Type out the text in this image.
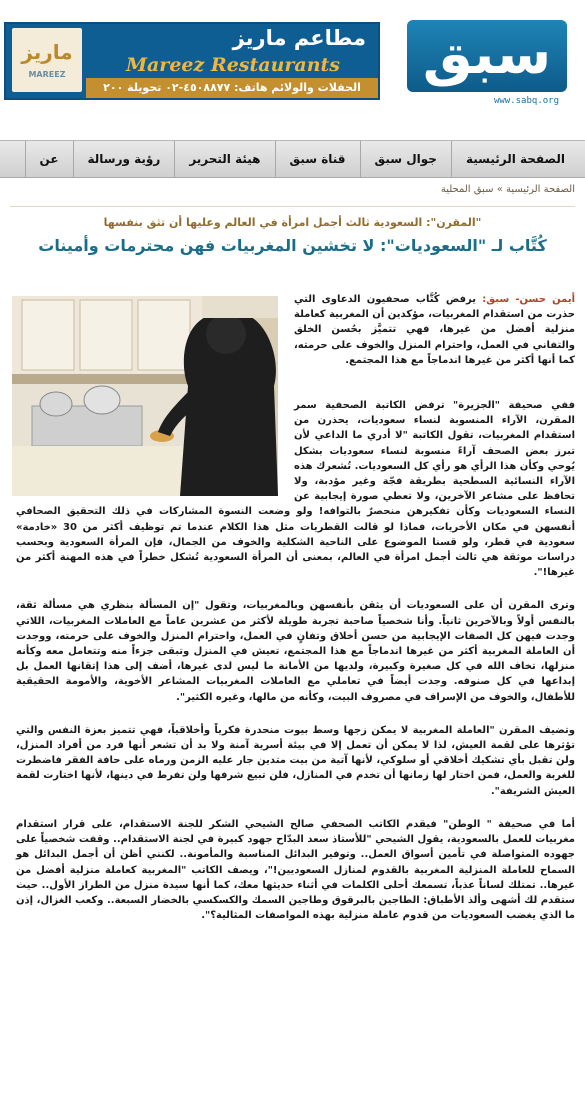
سبق
www.sabq.org
ماريز
MAREEZ
مطاعم ماريز
Mareez Restaurants
الحفلات والولائم هاتف: ٤٥٠٨٨٧٧-٠٢ تحويلة ٢٠٠
الصفحة الرئيسية
جوال سبق
قناة سبق
هيئة التحرير
رؤية ورسالة
عن
الصفحة الرئيسية » سبق المحلية
"المقرن": السعودية ثالث أجمل امرأة في العالم وعليها أن تثق بنفسها
كُتَّاب لـ "السعوديات": لا تخشين المغربيات فهن محترمات وأمينات

أيمن حسن- سبق: يرفض كُتَّاب صحفيون الدعاوى التي حذرت من استقدام المغربيات، مؤكدين أن المغربية كعاملة منزلية أفضل من غيرها، فهي تتميَّز بحُسن الخلق والتفاني في العمل، واحترام المنزل والخوف على حرمته، كما أنها أكثر من غيرها اندماجاً مع هذا المجتمع.

ففي صحيفة "الجزيرة" ترفض الكاتبة الصحفية سمر المقرن، الآراء المنسوبة لنساء سعوديات، يحذرن من استقدام المغربيات، تقول الكاتبة "لا أدري ما الداعي لأن تبرز بعض الصحف آراءً منسوبة لنساء سعوديات بشكل يُوحي وكأن هذا الرأي هو رأي كل السعوديات. تُشعرك هذه الآراء النسائية السطحية بطريقة فجّة وغير مؤدبة، ولا تحافظ على مشاعر الآخرين، ولا تعطي صورة إيجابية عن النساء السعوديات وكأن تفكيرهن منحصرٌ بالتوافه! ولو وضعت النسوة المشاركات في ذلك التحقيق الصحافي أنفسهن في مكان الأخريات، فماذا لو قالت القطريات مثل هذا الكلام عندما تم توظيف أكثر من 30 «خادمة» سعودية في قطر، ولو قسنا الموضوع على الناحية الشكلية والخوف من الجمال، فإن المرأة السعودية وبحسب دراسات موثقة هي ثالث أجمل امرأة في العالم، بمعنى أن المرأة السعودية تُشكل خطراً في هذه المهنة أكثر من غيرها!".

وترى المقرن أن على السعوديات أن يثقن بأنفسهن وبالمغربيات، وتقول "إن المسألة بنظري هي مسألة ثقة، بالنفس أولاً وبالآخرين ثانياً. وأنا شخصياً صاحبة تجربة طويلة لأكثر من عشرين عاماً مع العاملات المغربيات، اللاتي وجدت فيهن كل الصفات الإيجابية من حسن أخلاق وتفانٍ في العمل، واحترام المنزل والخوف على حرمته، ووجدت أن العاملة المغربية أكثر من غيرها اندماجاً مع هذا المجتمع، تعيش في المنزل وتبقى جزءاً منه وتتعامل معه وكأنه منزلها، تخاف الله في كل صغيرة وكبيرة، ولديها من الأمانة ما ليس لدى غيرها، أضف إلى هذا إتقانها العمل بل إبداعها في كل صنوفه. وجدت أيضاً في تعاملي مع العاملات المغربيات المشاعر الأخوية، والأمومة الحقيقية للأطفال، والخوف من الإسراف في مصروف البيت، وكأنه من مالها، وغيره الكثير".

وتضيف المقرن "العاملة المغربية لا يمكن زجها وسط بيوت منحدرة فكرياً وأخلاقياً، فهي تتميز بعزة النفس والتي تؤثرها على لقمة العيش، لذا لا يمكن أن تعمل إلا في بيئة أسرية آمنة ولا بد أن تشعر أنها فرد من أفراد المنزل، ولن تقبل بأي تشكيك أخلاقي أو سلوكي، لأنها آتية من بيت متدين جار عليه الزمن ورماه على حافة الفقر فاضطرت للغربة والعمل، فمن اختار لها زمانها أن تخدم في المنازل، فلن تبيع شرفها ولن تفرط في دينها، لأنها اختارت لقمة العيش الشريفة".

أما في صحيفة " الوطن" فيقدم الكاتب الصحفي صالح الشيحي الشكر للجنة الاستقدام، على قرار استقدام مغربيات للعمل بالسعودية، يقول الشيحي "للأستاذ سعد البدّاح جهود كبيرة في لجنة الاستقدام.. وقفت شخصياً على جهوده المتواصلة في تأمين أسواق العمل.. وتوفير البدائل المناسبة والمأمونة.. لكنني أظن أن أجمل البدائل هو السماح للعاملة المنزلية المغربية بالقدوم لمنازل السعوديين!"، ويصف الكاتب "المغربية كعاملة منزلية أفضل من غيرها.. تمتلك لساناً عذباً، تسمعك أحلى الكلمات في أثناء حديثها معك، كما أنها سيدة منزل من الطراز الأول.. حيث ستقدم لك أشهى وألذ الأطباق: الطاجين بالبرقوق وطاجين السمك والكسكسي بالخضار السبعة.. وكعب الغزال، إذن ما الذي يغضب السعوديات من قدوم عاملة منزلية بهذه المواصفات المثالية؟".
